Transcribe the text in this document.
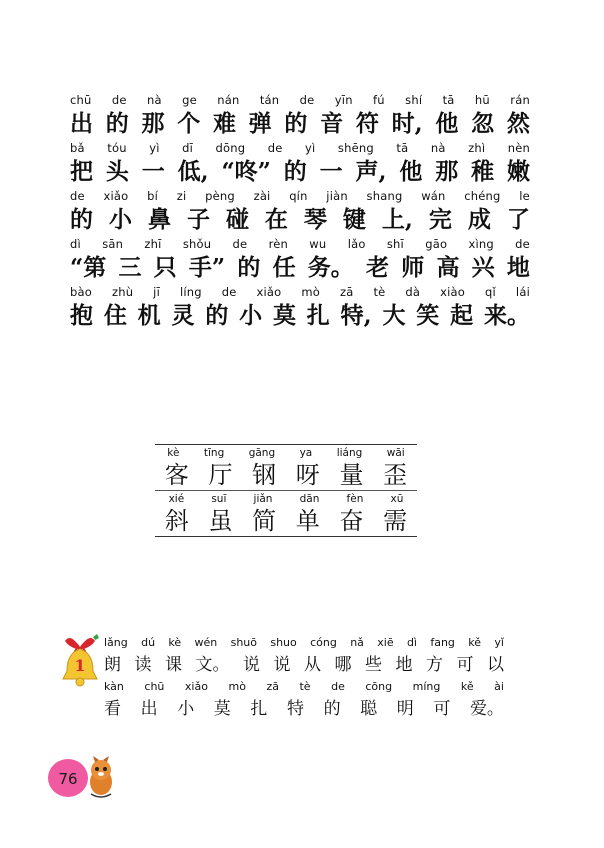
chū de nà ge nán tán de yīn fú shí tā hū rán
出 的 那 个 难 弹 的 音 符 时, 他 忽 然
bǎ tóu yì dī dōng de yì shēng tā nà zhì nèn
把 头 一 低, “咚” 的 一 声, 他 那 稚 嫩
de xiǎo bí zi pèng zài qín jiàn shang wán chéng le
的 小 鼻 子 碰 在 琴 键 上, 完 成 了
dì sān zhī shǒu de rèn wu lǎo shī gāo xìng de
“第 三 只 手” 的 任 务。 老 师 高 兴 地
bào zhù jī líng de xiǎo mò zā tè dà xiào qǐ lái
抱 住 机 灵 的 小 莫 扎 特, 大 笑 起 来。
kè tīng gāng ya liáng wāi
客 厅 钢 呀 量 歪
xié	suī	jiǎn	dān	fèn	xū
斜 虽 简 单 奋 需
1
lǎng dú kè wén shuō shuo cóng nǎ xiē dì fang kě yǐ
朗 读 课 文。 说 说 从 哪 些 地 方 可 以
kàn chū xiǎo mò zā tè de cōng míng kě ài
看 出 小 莫 扎 特 的 聪 明 可 爱。
76
